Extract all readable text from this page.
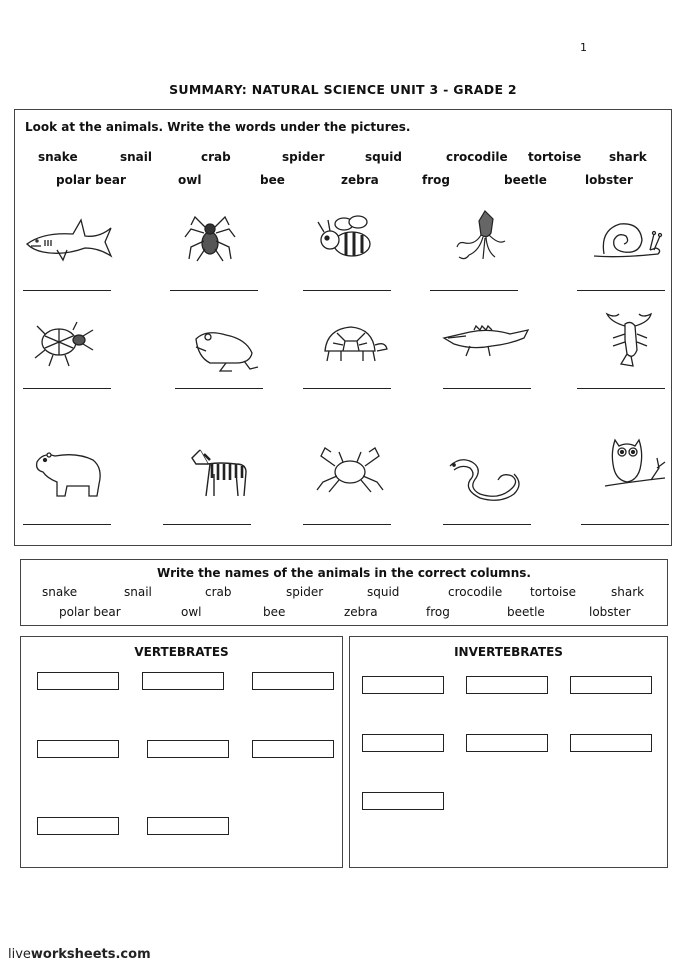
1
SUMMARY: NATURAL SCIENCE UNIT 3 - GRADE 2
Look at the animals. Write the words under the pictures.
snake	snail	crab	spider	squid	crocodile tortoise shark
polar bear	owl	bee	zebra	frog	beetle	lobster
Write the names of the animals in the correct columns.
snake	snail	crab	spider	squid	crocodile tortoise	shark
polar bear	owl	bee	zebra	frog	beetle	lobster
VERTEBRATES	INVERTEBRATES
liveworksheets.com
